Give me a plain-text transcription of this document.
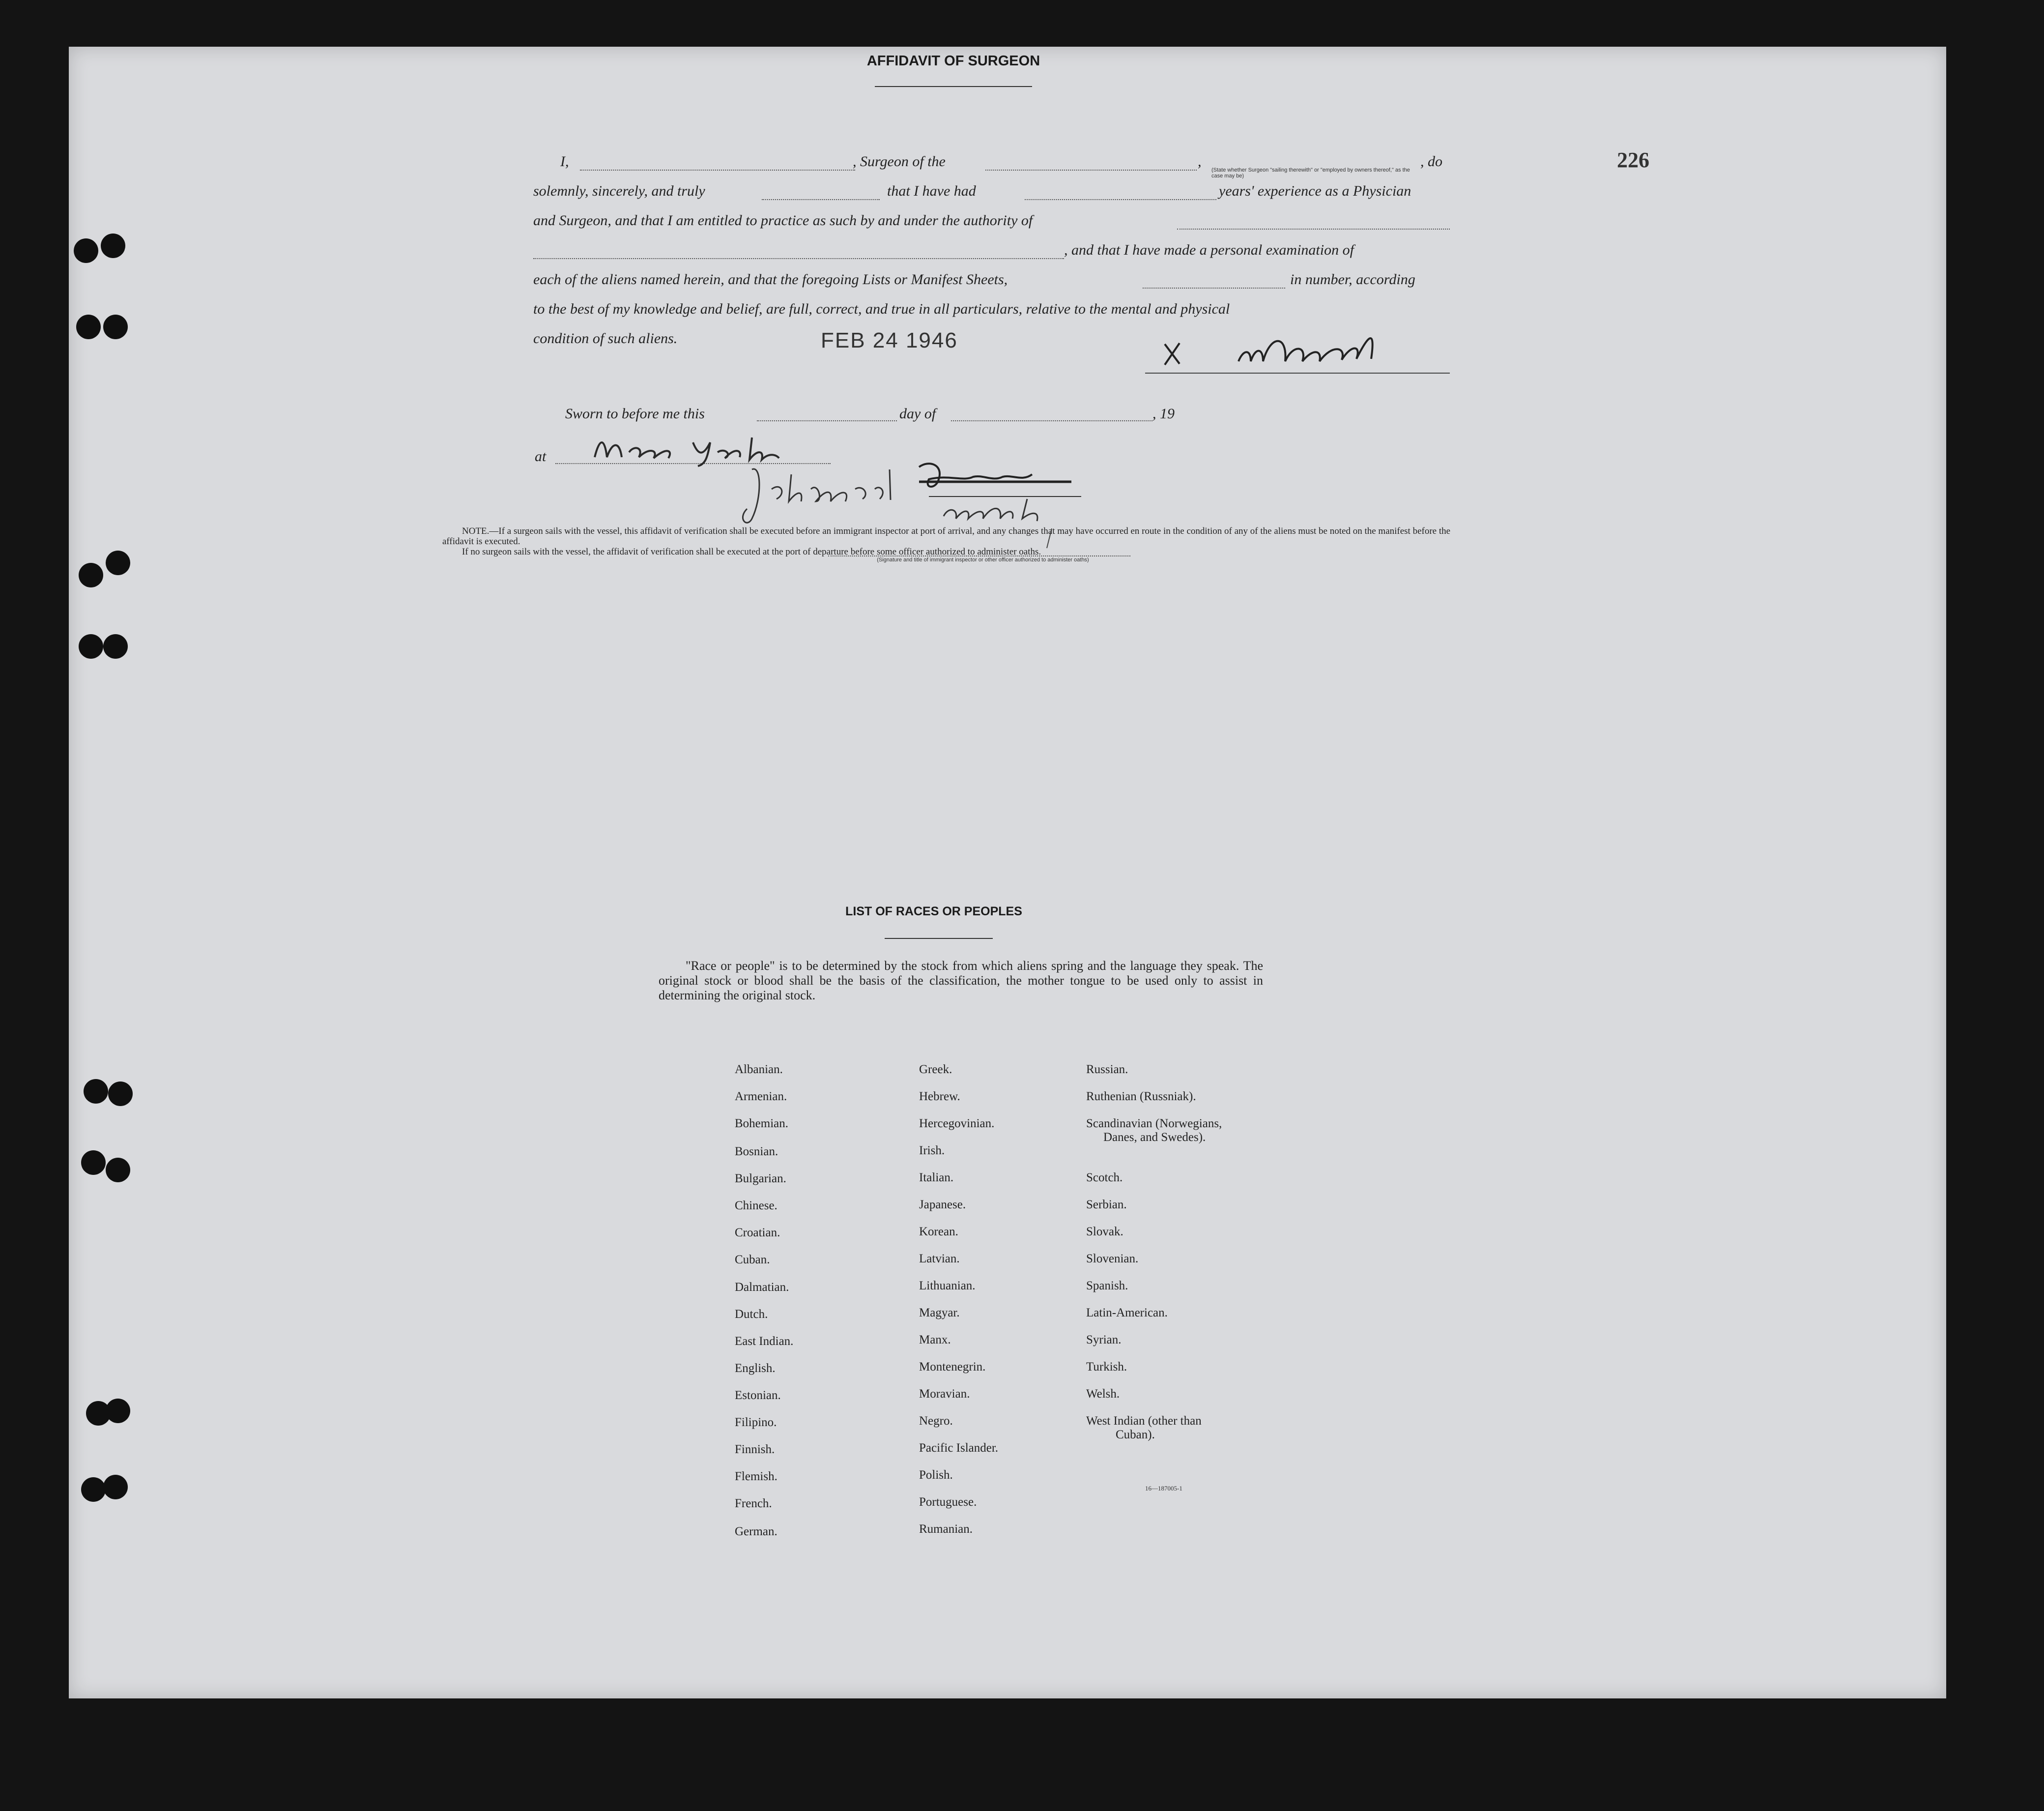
226
AFFIDAVIT OF SURGEON
I,	, Surgeon of the	,
(State whether Surgeon "sailing therewith" or "employed by owners thereof," as the case may be)
, do
solemnly, sincerely, and truly	that I have had	years' experience as a Physician
and Surgeon, and that I am entitled to practice as such by and under the authority of
, and that I have made a personal examination of
each of the aliens named herein, and that the foregoing Lists or Manifest Sheets,	in number, according
to the best of my knowledge and belief, are full, correct, and true in all particulars, relative to the mental and physical
condition of such aliens.	FEB 24 1946
Sworn to before me this	day of	, 19
at
(Signature and title of immigrant inspector or other officer authorized to administer oaths)

NOTE.—If a surgeon sails with the vessel, this affidavit of verification shall be executed before an immigrant inspector at port of arrival, and any changes that may have occurred en route in the condition of any of the aliens must be noted on the manifest before the affidavit is executed.

If no surgeon sails with the vessel, the affidavit of verification shall be executed at the port of departure before some officer authorized to administer oaths.

LIST OF RACES OR PEOPLES
"Race or people" is to be determined by the stock from which aliens spring and the language they speak. The original stock or blood shall be the basis of the classification, the mother tongue to be used only to assist in determining the original stock.
Albanian.
Armenian.
Bohemian.
Bosnian.
Bulgarian.
Chinese.
Croatian.
Cuban.
Dalmatian.
Dutch.
East Indian.
English.
Estonian.
Filipino.
Finnish.
Flemish.
French.
German.
Greek.
Hebrew.
Hercegovinian.
Irish.
Italian.
Japanese.
Korean.
Latvian.
Lithuanian.
Magyar.
Manx.
Montenegrin.
Moravian.
Negro.
Pacific Islander.
Polish.
Portuguese.
Rumanian.
Russian.
Ruthenian (Russniak).
Scandinavian (Norwegians,
Danes, and Swedes).
Scotch.
Serbian.
Slovak.
Slovenian.
Spanish.
Latin-American.
Syrian.
Turkish.
Welsh.
West Indian (other than
Cuban).
16—187005-1
